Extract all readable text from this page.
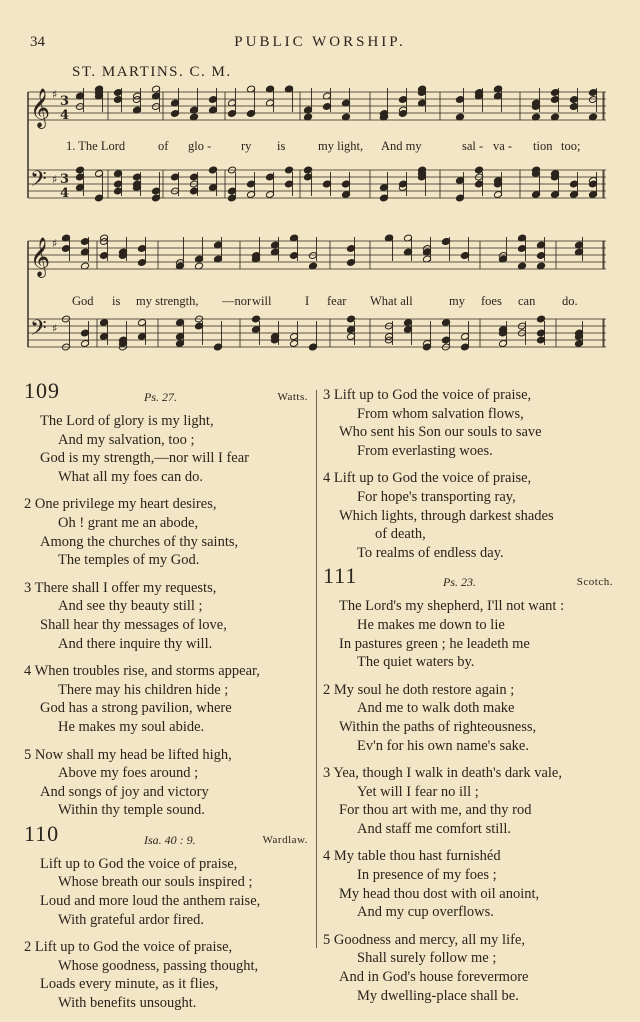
34	PUBLIC WORSHIP.
ST. MARTINS. C. M.
𝄞
𝄢
♯
♯
3
4
3
4
𝄞
𝄢
♯
♯
1. The Lord	of glo - ry is	my light, And my	sal - va - tion too;
God is my strength, —nor will	I fear What all	my foes can do.
109	Ps. 27.	Watts.
The Lord of glory is my light,
And my salvation, too ;
God is my strength,—nor will I fear
What all my foes can do.
2 One privilege my heart desires,
Oh ! grant me an abode,
Among the churches of thy saints,
The temples of my God.
3 There shall I offer my requests,
And see thy beauty still ;
Shall hear thy messages of love,
And there inquire thy will.
4 When troubles rise, and storms appear,
There may his children hide ;
God has a strong pavilion, where
He makes my soul abide.
5 Now shall my head be lifted high,
Above my foes around ;
And songs of joy and victory
Within thy temple sound.
110	Isa. 40 : 9.	Wardlaw.
Lift up to God the voice of praise,
Whose breath our souls inspired ;
Loud and more loud the anthem raise,
With grateful ardor fired.
2 Lift up to God the voice of praise,
Whose goodness, passing thought,
Loads every minute, as it flies,
With benefits unsought.
3 Lift up to God the voice of praise,
From whom salvation flows,
Who sent his Son our souls to save
From everlasting woes.
4 Lift up to God the voice of praise,
For hope's transporting ray,
Which lights, through darkest shades
of death,
To realms of endless day.
111	Ps. 23.	Scotch.
The Lord's my shepherd, I'll not want :
He makes me down to lie
In pastures green ; he leadeth me
The quiet waters by.
2 My soul he doth restore again ;
And me to walk doth make
Within the paths of righteousness,
Ev'n for his own name's sake.
3 Yea, though I walk in death's dark vale,
Yet will I fear no ill ;
For thou art with me, and thy rod
And staff me comfort still.
4 My table thou hast furnishéd
In presence of my foes ;
My head thou dost with oil anoint,
And my cup overflows.
5 Goodness and mercy, all my life,
Shall surely follow me ;
And in God's house forevermore
My dwelling-place shall be.
